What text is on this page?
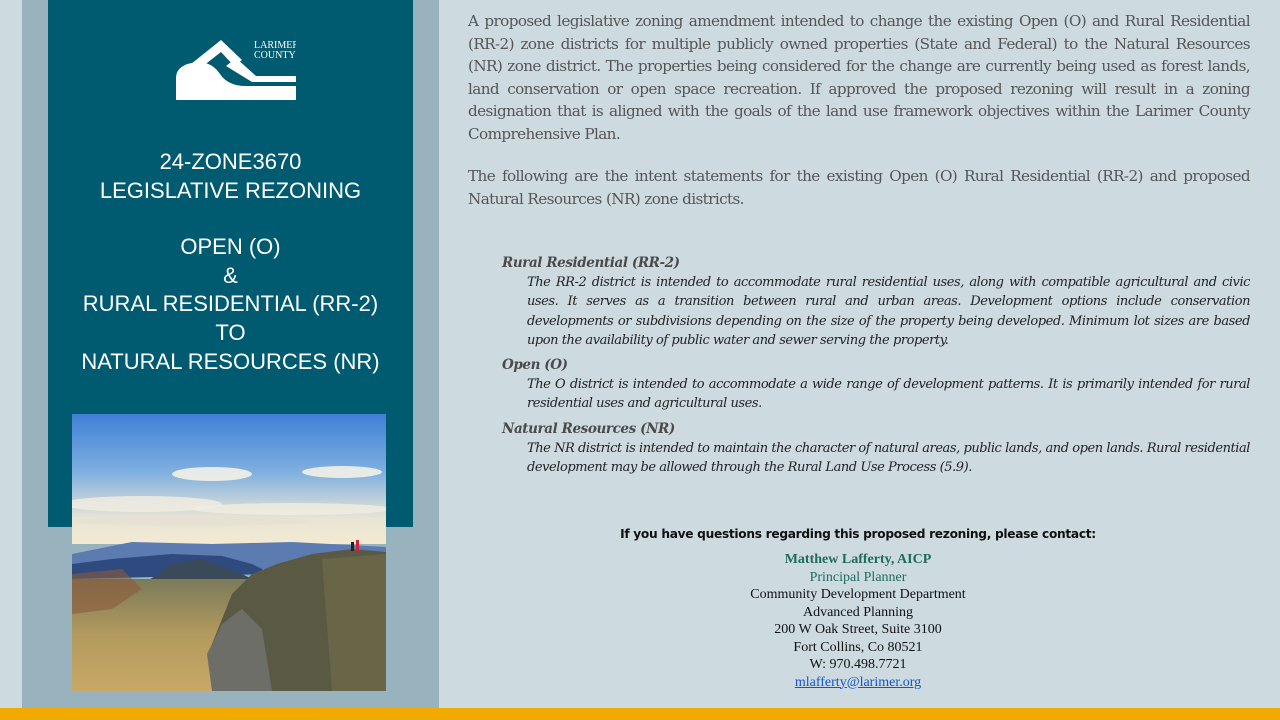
LARIMER
COUNTY
24-ZONE3670
LEGISLATIVE REZONING
OPEN (O)
&
RURAL RESIDENTIAL (RR-2)
TO
NATURAL RESOURCES (NR)

A proposed legislative zoning amendment intended to change the existing Open (O) and Rural Residential (RR-2) zone districts for multiple publicly owned properties (State and Federal) to the Natural Resources (NR) zone district. The properties being considered for the change are currently being used as forest lands, land conservation or open space recreation. If approved the proposed rezoning will result in a zoning designation that is aligned with the goals of the land use framework objectives within the Larimer County Comprehensive Plan.

The following are the intent statements for the existing Open (O) Rural Residential (RR-2) and proposed Natural Resources (NR) zone districts.

Rural Residential (RR-2)
The RR-2 district is intended to accommodate rural residential uses, along with compatible agricultural and civic uses. It serves as a transition between rural and urban areas. Development options include conservation developments or subdivisions depending on the size of the property being developed. Minimum lot sizes are based upon the availability of public water and sewer serving the property.
Open (O)
The O district is intended to accommodate a wide range of development patterns. It is primarily intended for rural residential uses and agricultural uses.
Natural Resources (NR)
The NR district is intended to maintain the character of natural areas, public lands, and open lands. Rural residential development may be allowed through the Rural Land Use Process (5.9).
If you have questions regarding this proposed rezoning, please contact:
Matthew Lafferty, AICP
Principal Planner
Community Development Department
Advanced Planning
200 W Oak Street, Suite 3100
Fort Collins, Co 80521
W: 970.498.7721
mlafferty@larimer.org
